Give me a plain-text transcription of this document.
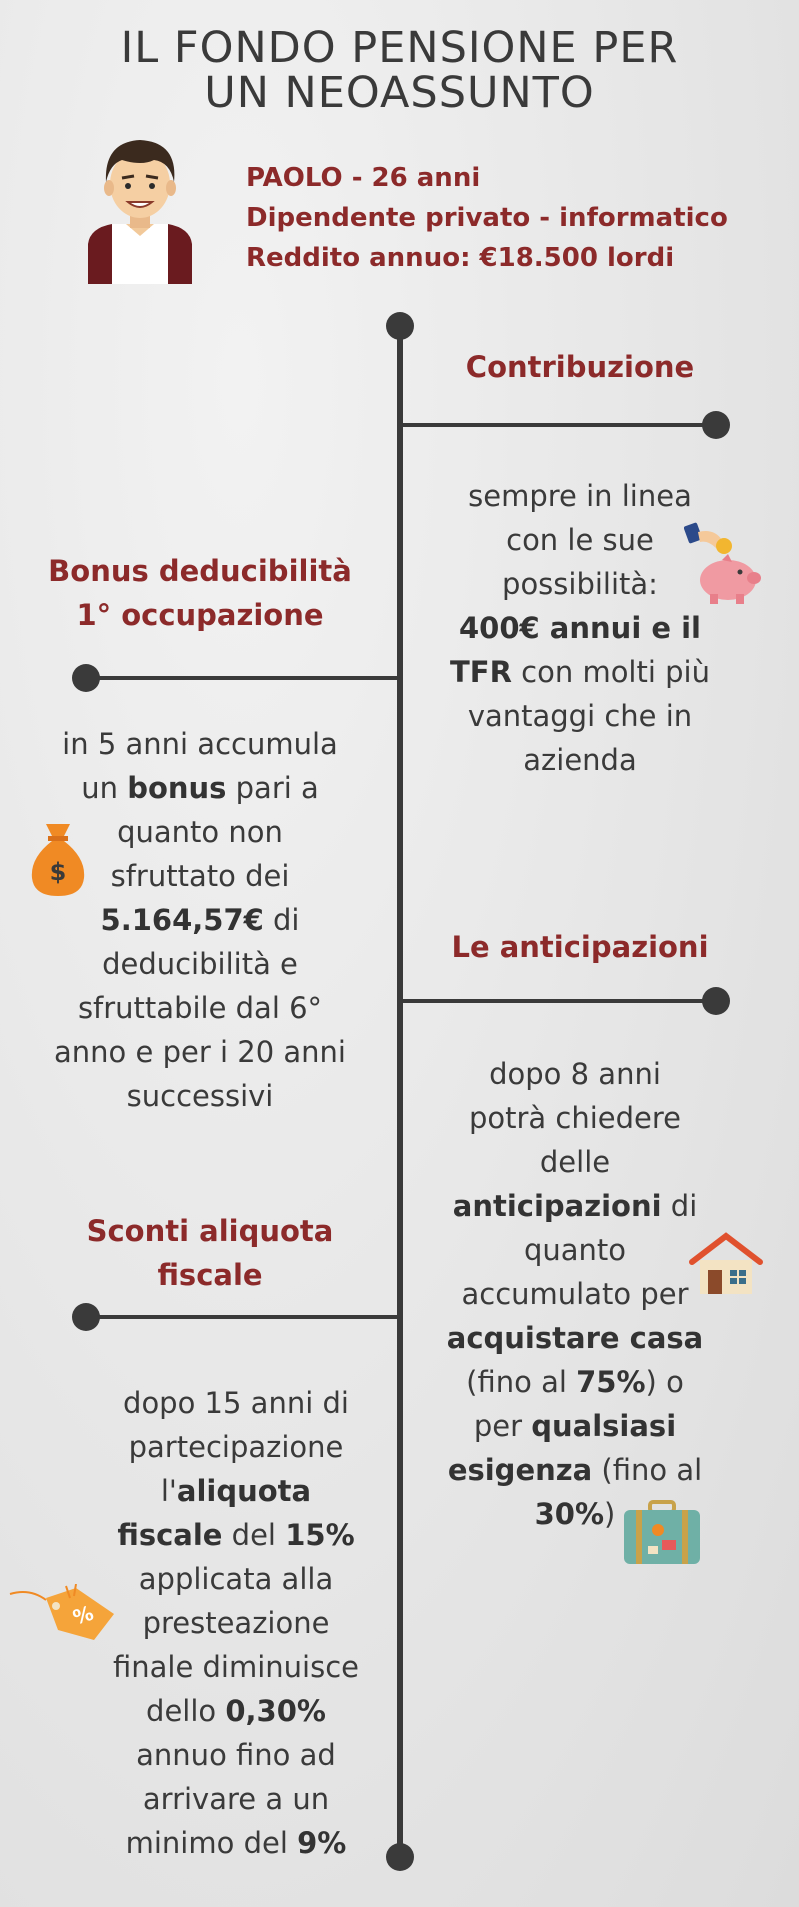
IL FONDO PENSIONE PER
UN NEOASSUNTO
PAOLO - 26 anni
Dipendente privato - informatico
Reddito annuo: €18.500 lordi
Contribuzione
sempre in linea
con le sue
possibilità:
400€ annui e il
TFR con molti più
vantaggi che in
azienda
Bonus deducibilità
1° occupazione
in 5 anni accumula
un bonus pari a
quanto non
sfruttato dei
5.164,57€ di
deducibilità e
sfruttabile dal 6°
anno e per i 20 anni
successivi
$
Le anticipazioni
dopo 8 anni
potrà chiedere
delle
anticipazioni di
quanto
accumulato per
acquistare casa
(fino al 75%) o
per qualsiasi
esigenza (fino al
30%)
Sconti aliquota
fiscale
dopo 15 anni di
partecipazione
l'aliquota
fiscale del 15%
applicata alla
presteazione
finale diminuisce
dello 0,30%
annuo fino ad
arrivare a un
minimo del 9%
%
